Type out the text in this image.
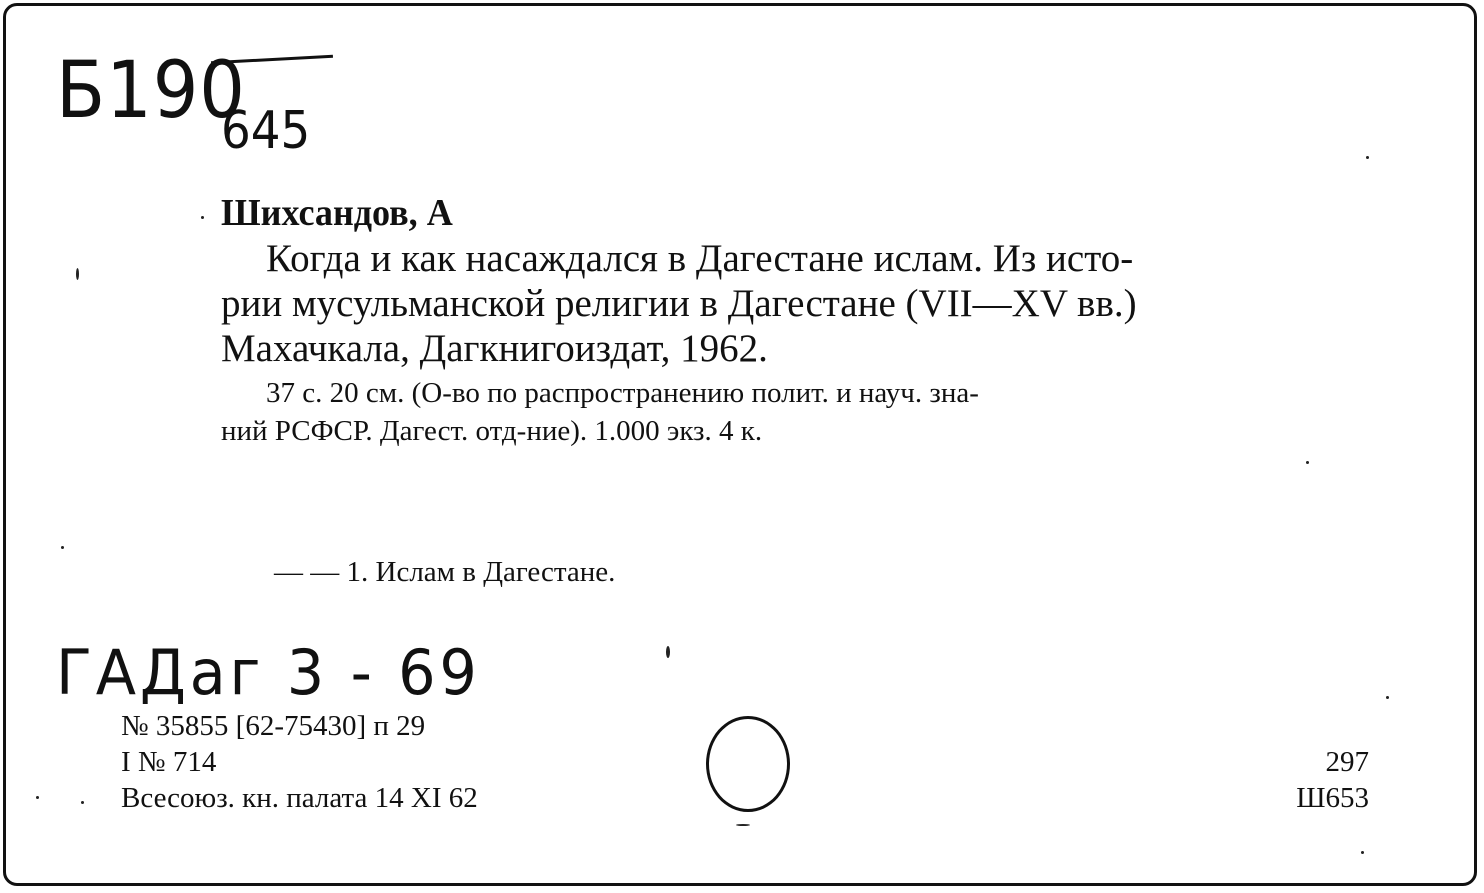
Б190
645
Шихсандов, А
Когда и как насаждался в Дагестане ислам. Из исто-
рии мусульманской религии в Дагестане (VII—XV вв.)
Махачкала, Дагкнигоиздат, 1962.
37 с. 20 см. (О-во по распространению полит. и науч. зна-
ний РСФСР. Дагест. отд-ние). 1.000 экз. 4 к.
— — 1. Ислам в Дагестане.
ГАДаг 3 - 69
№ 35855 [62-75430] п 29
I № 714
Всесоюз. кн. палата 14 XI 62
297
Ш653
